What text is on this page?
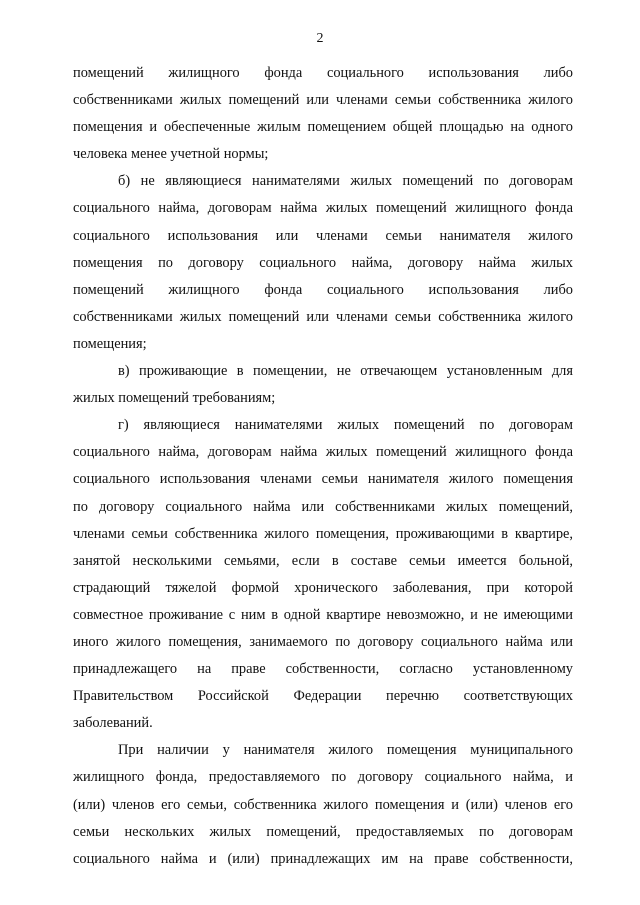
2
помещений жилищного фонда социального использования либо
собственниками жилых помещений или членами семьи собственника жилого
помещения и обеспеченные жилым помещением общей площадью на одного
человека менее учетной нормы;
б) не являющиеся нанимателями жилых помещений по договорам
социального найма, договорам найма жилых помещений жилищного фонда
социального использования или членами семьи нанимателя жилого
помещения по договору социального найма, договору найма жилых
помещений жилищного фонда социального использования либо
собственниками жилых помещений или членами семьи собственника жилого
помещения;
в) проживающие в помещении, не отвечающем установленным для
жилых помещений требованиям;
г) являющиеся нанимателями жилых помещений по договорам
социального найма, договорам найма жилых помещений жилищного фонда
социального использования членами семьи нанимателя жилого помещения
по договору социального найма или собственниками жилых помещений,
членами семьи собственника жилого помещения, проживающими в квартире,
занятой несколькими семьями, если в составе семьи имеется больной,
страдающий тяжелой формой хронического заболевания, при которой
совместное проживание с ним в одной квартире невозможно, и не имеющими
иного жилого помещения, занимаемого по договору социального найма или
принадлежащего на праве собственности, согласно установленному
Правительством Российской Федерации перечню соответствующих
заболеваний.
При наличии у нанимателя жилого помещения муниципального
жилищного фонда, предоставляемого по договору социального найма, и
(или) членов его семьи, собственника жилого помещения и (или) членов его
семьи нескольких жилых помещений, предоставляемых по договорам
социального найма и (или) принадлежащих им на праве собственности,
